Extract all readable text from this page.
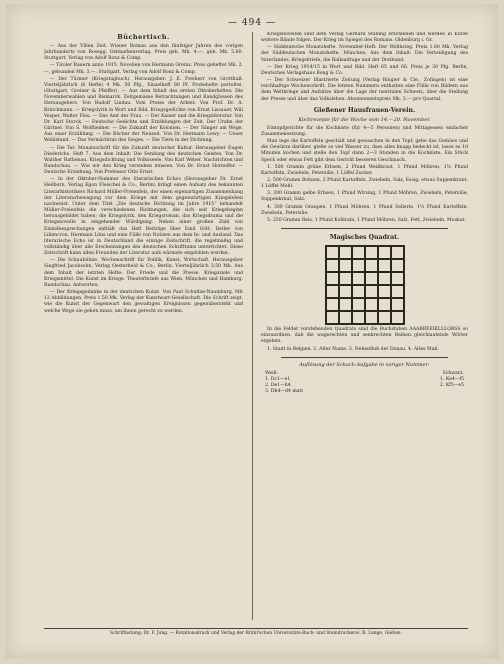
— 494 —
Büchertisch.

— Aus der Villen Zeit. Wiener Roman aus den fünfziger Jahren des vorigen Jahrhunderts von Rosegg. Ostmarkenverlag. Preis geh. Mk. 4.—, geb. Mk. 5.60. Stuttgart, Verlag von Adolf Bonz & Comp.

— Tiroler Bauern anno 1915. Novellen von Hermann Greinz. Preis geheftet Mk. 2.—, gebunden Mk. 3.—. Stuttgart, Verlag von Adolf Bonz & Comp.

— Der Türmer (Kriegstagbuch). Herausgeber: J. E. Freiherr von Grotthuß. Vierteljährlich (6 Hefte) 4 Mk. 50 Pfg., Einzelheft 80 Pf. Probehefte portofrei. (Stuttgart, Greiner & Pfeiffer). — Aus dem Inhalt des ersten Oktoberheftes: Die Novemberwahlen und Bismarck. Zeitgemässe Betrachtungen und Randglossen des Herausgebers. Von Rudolf Lindau. Vom Preise der Arbeit. Von Prof. Dr. A. Brinckmann. — Kriegslyrik in Wort und Bild. Kriegsgedichte von Ernst Lissauer, Will Vesper, Walter Flex. — Das Amt der Frau. — Der Kaiser und die Kriegsliteratur. Von Dr. Karl Storck. — Deutsche Gedichte und Erzählungen der Zeit. Der Urahn der Gärtner. Von S. Wolfheimer. — Die Zukunft der Kolonien. — Der Sänger am Wege. Aus einer Erzählung. — Die Bücher der Neuzeit. Von Dr. Hermann Lewy. — Unser Wohlstand. — Das Vermächtnis des Sieges. — Die Tiere in der Dichtung.

— Die Tat. Monatsschrift für die Zukunft deutscher Kultur. Herausgeber Eugen Diederichs. Heft 7. Aus dem Inhalt: Die Sendung des deutschen Geistes. Von Dr. Walther Rathenau. Kriegsdichtung und Volksseele. Von Karl Weber. Nachrichten und Rundschau. — Wie wir den Krieg verstehen müssen. Von Dr. Ernst Horneffer. — Deutsche Erziehung. Von Professor Otto Ernst.

— In der Oktober-Nummer des literarischen Echos (Herausgeber Dr. Ernst Heilborn, Verlag Egon Fleischel & Co., Berlin) bringt einen Aufsatz des bekannten Literarhistorikers Richard Müller-Freienfels, der einen eigenartigen Zusammenhang der Literaturbewegung vor dem Kriege mit dem gegenwärtigen Kriegsleben nachweist. Unter dem Titel „Die deutsche Dichtung im Jahre 1915“ behandelt Müller-Freienfels die verschiedenen Richtungen, die sich seit Kriegsbeginn herausgebildet haben; die Kriegslyrik, den Kriegsroman, das Kriegsdrama und die Kriegsnovelle in eingehender Würdigung. Neben einer großen Zahl von Einzelbesprechungen enthält das Heft Beiträge über Emil Gött, Detlev von Liliencron, Hermann Löns und eine Fülle von Notizen aus dem In- und Ausland. Das literarische Echo ist in Deutschland die einzige Zeitschrift, die regelmäßig und vollständig über alle Erscheinungen des deutschen Schrifttums unterrichtet. Diese Zeitschrift kann allen Freunden der Literatur aufs wärmste empfohlen werden.

— Die Schaubühne. Wochenschrift für Politik, Kunst, Wirtschaft. Herausgeber Siegfried Jacobsohn. Verlag Oesterheld & Co., Berlin. Vierteljährlich 3.50 Mk. Aus dem Inhalt der letzten Hefte: Der Friede und die Presse. Kriegsziele und Kriegsmittel. Die Kunst im Kriege. Theaterbriefe aus Wien, München und Hamburg. Rundschau. Antworten.

— Der Kriegsgedanke in der deutschen Kunst. Von Paul Schultze-Naumburg. Mit 12 Abbildungen. Preis 1.50 Mk. Verlag der Kunstwart-Gesellschaft. Die Schrift zeigt, wie die Kunst der Gegenwart den gewaltigen Ereignissen gegenübersteht und welche Wege sie gehen muss, um ihnen gerecht zu werden.

Kriegsnovellen sind dem Verlag Gerhard Stalling erschienen und werden in Kürze weitere Bände folgen. Der Krieg im Spiegel des Romans. Oldenburg i. Gr.

— Süddeutsche Monatshefte. November-Heft: Der Weltkrieg. Preis 1.80 Mk. Verlag der Süddeutschen Monatshefte, München. Aus dem Inhalt: Die Verteidigung des Vaterlandes, Kriegsbriefe, die Balkanfrage und der Dreibund.

— Der Krieg 1914/15 in Wort und Bild. Heft 65 und 66. Preis je 30 Pfg. Berlin, Deutsches Verlagshaus Bong & Co.

— Der Schweizer Illustrierte Zeitung (Verlag Ringier & Cie., Zofingen) ist eine reichhaltige Wochenschrift. Die letzten Nummern enthalten eine Fülle von Bildern aus dem Weltkriege und Aufsätze über die Lage der neutralen Schweiz, über die Stellung der Presse und über das Volksleben. Abonnementspreis Mk. 3.— pro Quartal.

Gießener Hausfrauen-Verein.
Kochrezepte für die Woche vom 14.—20. November.

Eintopfgerichte für die Kochkiste (für 4—5 Personen) und Mittagessen einfacher Zusammensetzung.

Man lege die Kartoffeln geschält und gewaschen in den Topf, gebe das Gemüse und die Gewürze darüber, gieße so viel Wasser zu, dass alles knapp bedeckt ist, lasse es 10 Minuten kochen und stelle den Topf dann 2—3 Stunden in die Kochkiste. Ein Stück Speck oder etwas Fett gibt dem Gericht besseren Geschmack.

1. 500 Gramm grüne Erbsen, 2 Pfund Weißkraut, 1 Pfund Möhren, 1½ Pfund Kartoffeln, Zwiebeln, Petersilie, 1 Löffel Zucker.

2. 500 Gramm Bohnen, 2 Pfund Kartoffeln, Zwiebeln, Salz, Essig, etwas Suppenkraut, 1 Löffel Mehl.

3. 300 Gramm gelbe Erbsen, 1 Pfund Wirsing, 1 Pfund Möhren, Zwiebeln, Petersilie, Suppenkraut, Salz.

4. 300 Gramm Graupen, 1 Pfund Möhren, 1 Pfund Sellerie, 1½ Pfund Kartoffeln, Zwiebeln, Petersilie.

5. 250 Gramm Reis, 1 Pfund Kohlrabi, 1 Pfund Möhren, Salz, Fett, Zwiebeln, Muskat.

Magisches Quadrat.

In die Felder vorstehenden Quadrats sind die Buchstaben AAABBEEIKLLLORSS so einzuordnen, daß die wagerechten und senkrechten Reihen gleichlautende Wörter ergeben.

1. Stadt in Belgien. 2. Alter Name. 3. Nebenfluß der Donau. 4. Altes Maß.

Auflösung der Schach-Aufgabe in voriger Nummer:
Weiß.	Schwarz.
1. Dc1—e1	1. Ke4—f5
2. De1—h4	2. Kf5—e5
3. Dh4—d4 matt
Schriftleitung: Dr. F. Jung. — Rotationsdruck und Verlag der Brühl'schen Universitäts-Buch- und Steindruckerei. R. Lange, Gießen.
